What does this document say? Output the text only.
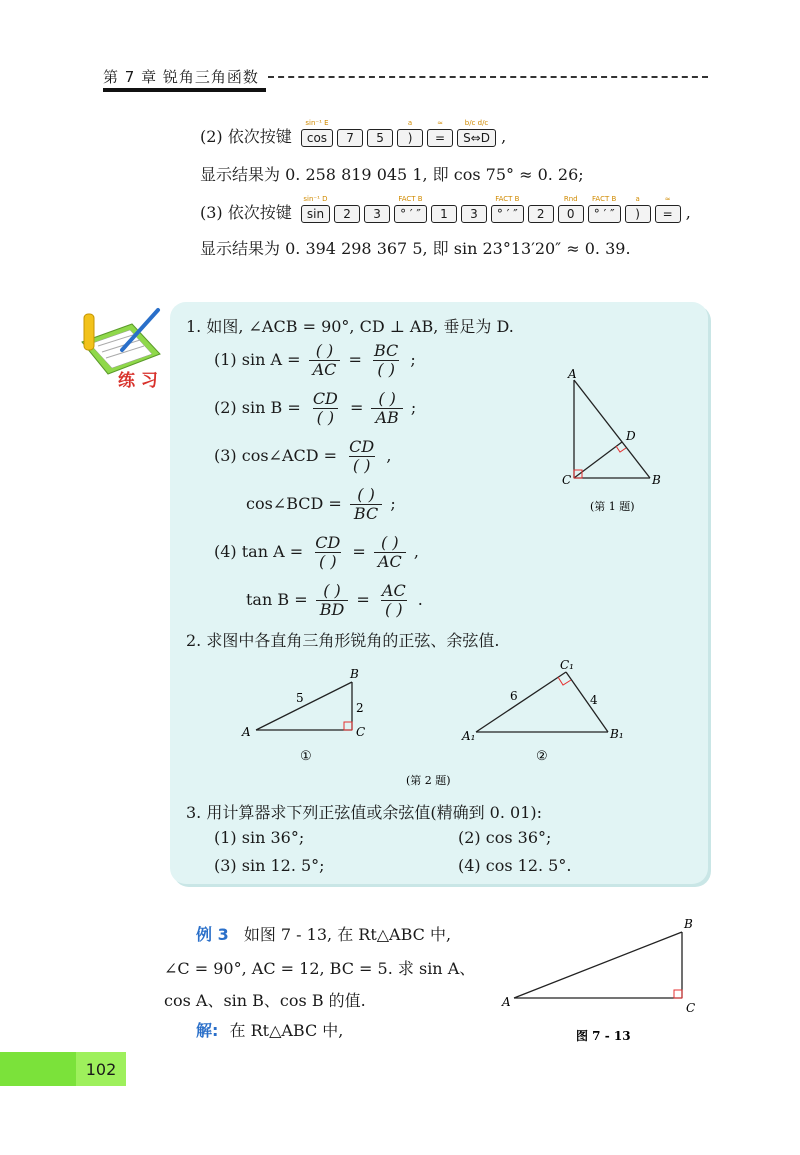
第 7 章 锐角三角函数
(2) 依次按键
sin⁻¹ E
cos 7 5
a
)
≈
=
b/c d/c
S⇔D ,
显示结果为 0. 258 819 045 1, 即 cos 75° ≈ 0. 26;
(3) 依次按键
sin⁻¹ D
sin 2 3
FACT B
° ′ ″ 1 3
FACT B
° ′ ″ 2
Rnd
0
FACT B
° ′ ″
a
)
≈
= ,
显示结果为 0. 394 298 367 5, 即 sin 23°13′20″ ≈ 0. 39.
练 习
1. 如图, ∠ACB = 90°, CD ⊥ AB, 垂足为 D.
(1) $\sin A = \frac{( )}{AC} = \frac{BC}{( )}$ ;
(2) $\sin B = \frac{CD}{( )} = \frac{( )}{AB}$ ;
(3) cos∠ACD = $\frac{CD}{( )}$ ,
cos∠BCD = $\frac{( )}{BC}$ ;
(4) $\tan A = \frac{CD}{( )} = \frac{( )}{AC}$ ,
$\tan B = \frac{( )}{BD} = \frac{AC}{( )}$ .
A
D
C	B
(第 1 题)
2. 求图中各直角三角形锐角的正弦、余弦值.
A
B
C
5
2
①
A₁
C₁
B₁
6	4
②
(第 2 题)
3. 用计算器求下列正弦值或余弦值(精确到 0. 01):
(1) sin 36°;	(2) cos 36°;
(3) sin 12. 5°;	(4) cos 12. 5°.
例 3 如图 7 - 13, 在 Rt△ABC 中,
∠C = 90°, AC = 12, BC = 5. 求 sin A、
cos A、sin B、cos B 的值.
解: 在 Rt△ABC 中,
A
B
C
图 7 - 13
102
